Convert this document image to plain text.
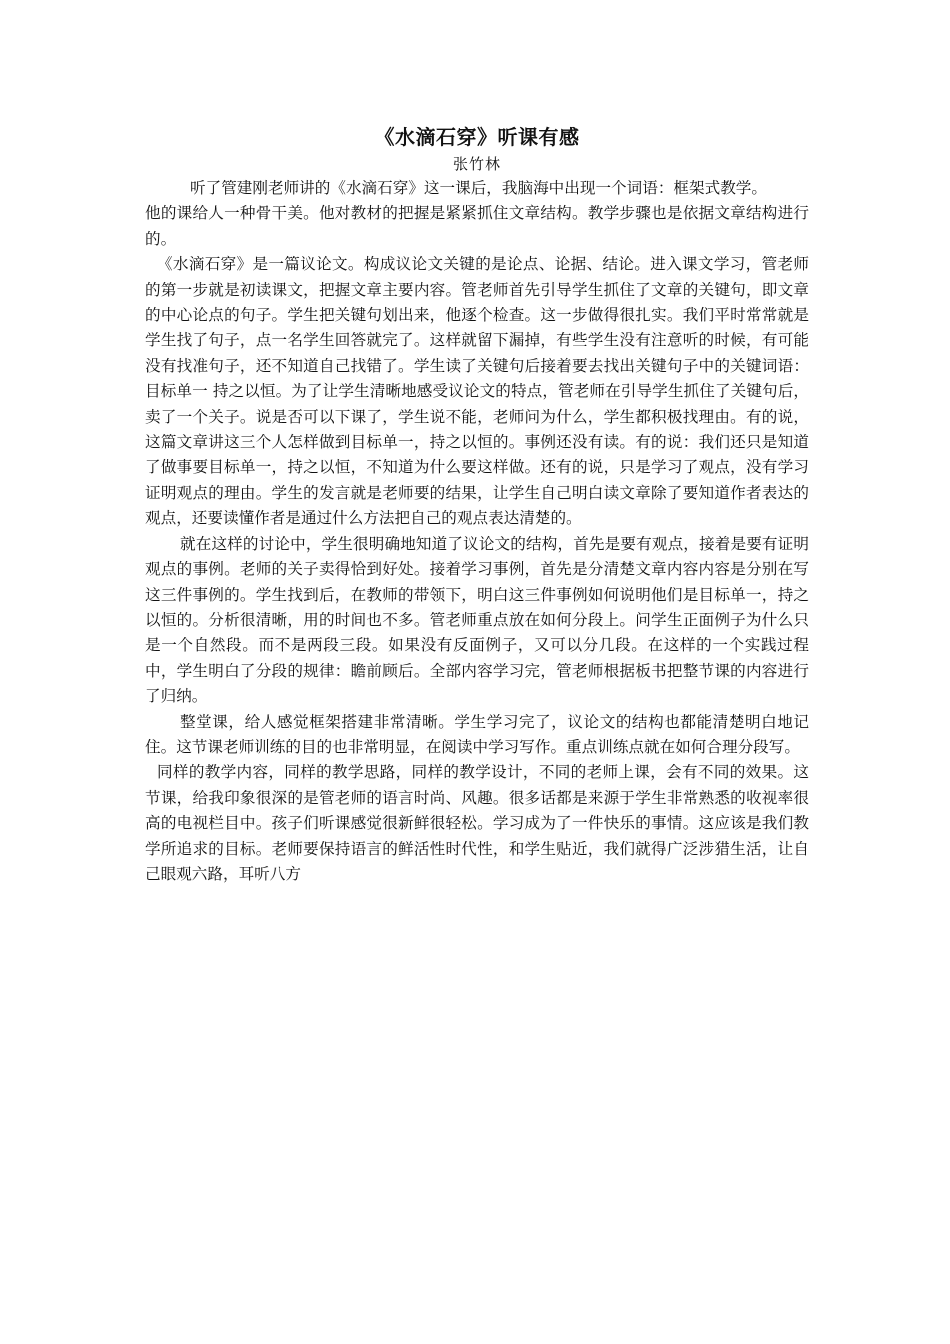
《水滴石穿》听课有感

张竹林

听了管建刚老师讲的《水滴石穿》这一课后，我脑海中出现一个词语：框架式教学。

他的课给人一种骨干美。他对教材的把握是紧紧抓住文章结构。教学步骤也是依据文章结构进行的。

《水滴石穿》是一篇议论文。构成议论文关键的是论点、论据、结论。进入课文学习，管老师的第一步就是初读课文，把握文章主要内容。管老师首先引导学生抓住了文章的关键句，即文章的中心论点的句子。学生把关键句划出来，他逐个检查。这一步做得很扎实。我们平时常常就是学生找了句子，点一名学生回答就完了。这样就留下漏掉，有些学生没有注意听的时候，有可能没有找准句子，还不知道自己找错了。学生读了关键句后接着要去找出关键句子中的关键词语：目标单一 持之以恒。为了让学生清晰地感受议论文的特点，管老师在引导学生抓住了关键句后，卖了一个关子。说是否可以下课了，学生说不能，老师问为什么，学生都积极找理由。有的说，这篇文章讲这三个人怎样做到目标单一，持之以恒的。事例还没有读。有的说：我们还只是知道了做事要目标单一，持之以恒，不知道为什么要这样做。还有的说，只是学习了观点，没有学习证明观点的理由。学生的发言就是老师要的结果，让学生自己明白读文章除了要知道作者表达的观点，还要读懂作者是通过什么方法把自己的观点表达清楚的。

就在这样的讨论中，学生很明确地知道了议论文的结构，首先是要有观点，接着是要有证明观点的事例。老师的关子卖得恰到好处。接着学习事例，首先是分清楚文章内容内容是分别在写这三件事例的。学生找到后，在教师的带领下，明白这三件事例如何说明他们是目标单一，持之以恒的。分析很清晰，用的时间也不多。管老师重点放在如何分段上。问学生正面例子为什么只是一个自然段。而不是两段三段。如果没有反面例子，又可以分几段。在这样的一个实践过程中，学生明白了分段的规律：瞻前顾后。全部内容学习完，管老师根据板书把整节课的内容进行了归纳。

整堂课，给人感觉框架搭建非常清晰。学生学习完了，议论文的结构也都能清楚明白地记住。这节课老师训练的目的也非常明显，在阅读中学习写作。重点训练点就在如何合理分段写。

同样的教学内容，同样的教学思路，同样的教学设计，不同的老师上课，会有不同的效果。这节课，给我印象很深的是管老师的语言时尚、风趣。很多话都是来源于学生非常熟悉的收视率很高的电视栏目中。孩子们听课感觉很新鲜很轻松。学习成为了一件快乐的事情。这应该是我们教学所追求的目标。老师要保持语言的鲜活性时代性，和学生贴近，我们就得广泛涉猎生活，让自己眼观六路，耳听八方
